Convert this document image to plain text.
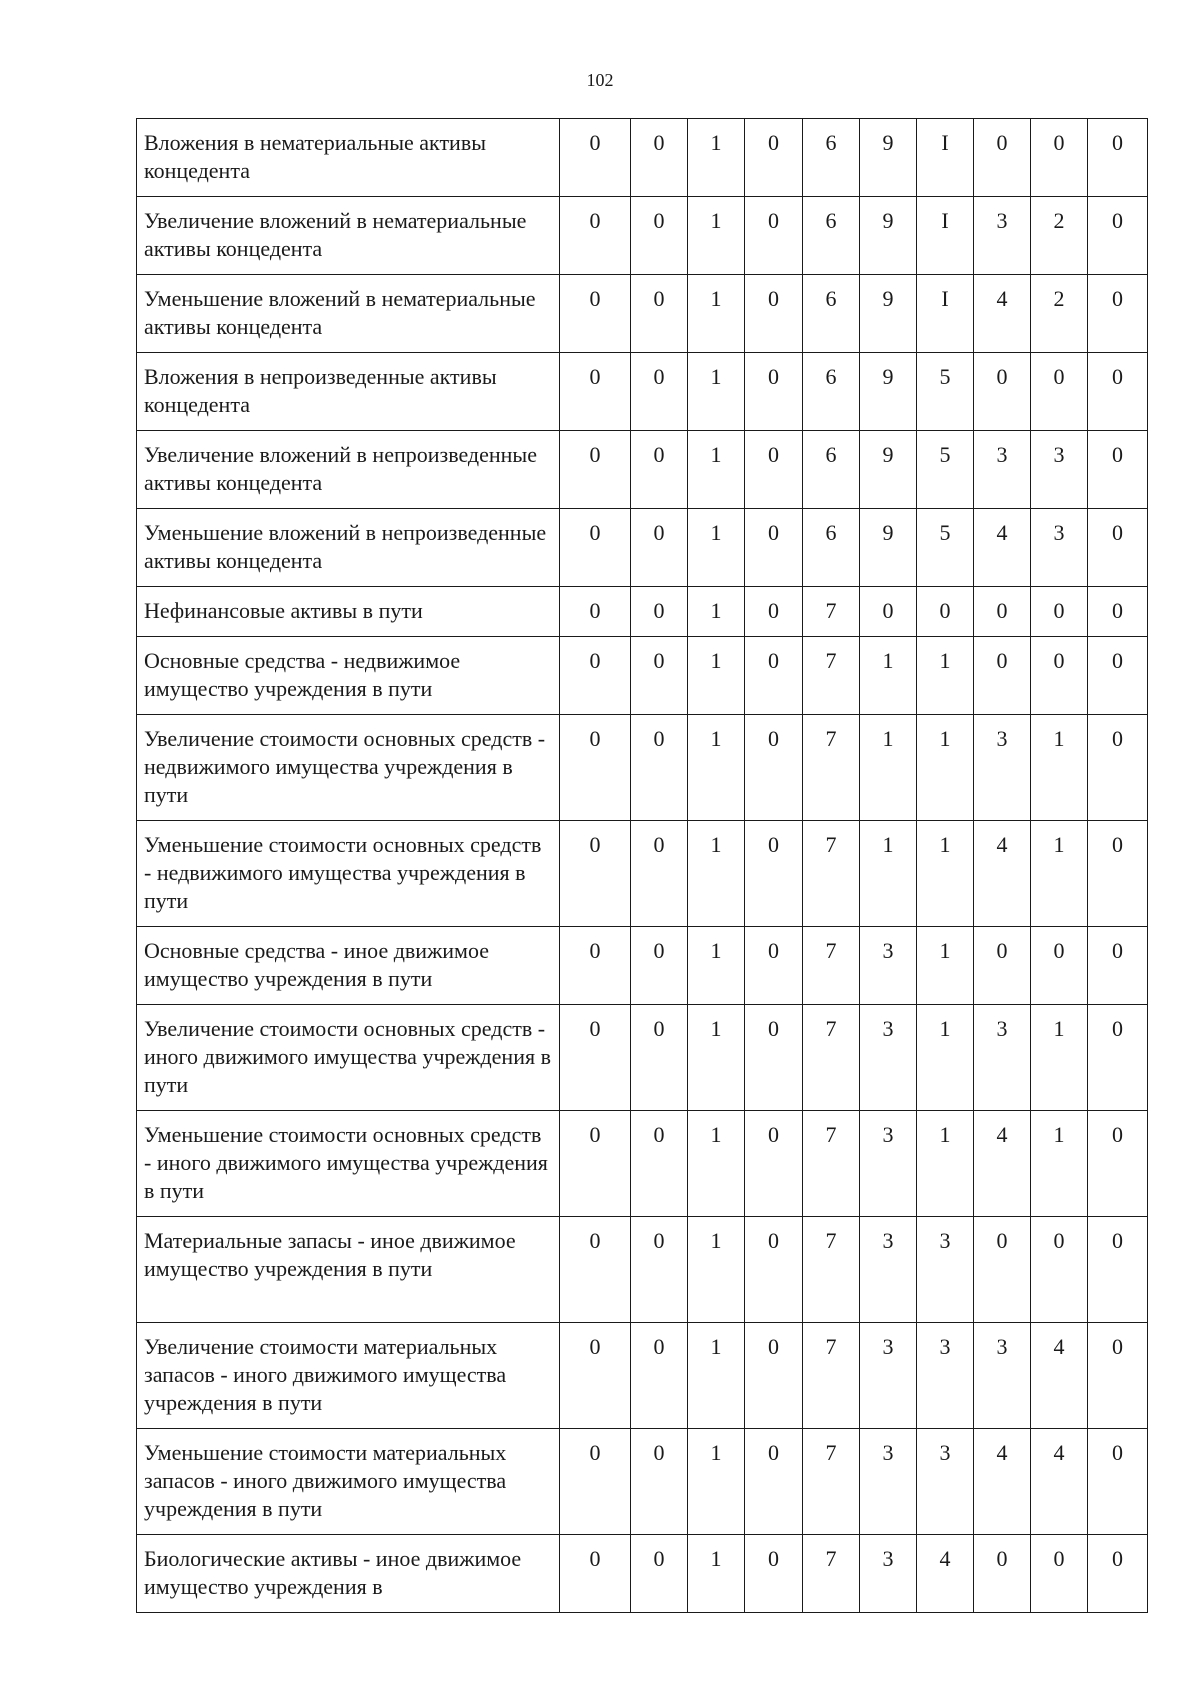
102
Вложения в нематериальные активы концедента	0	0	1	0	6	9	I	0	0	0
Увеличение вложений в нематериальные активы концедента	0	0	1	0	6	9	I	3	2	0
Уменьшение вложений в нематериальные активы концедента	0	0	1	0	6	9	I	4	2	0
Вложения в непроизведенные активы концедента	0	0	1	0	6	9	5	0	0	0
Увеличение вложений в непроизведенные активы концедента	0	0	1	0	6	9	5	3	3	0
Уменьшение вложений в непроизведенные активы концедента	0	0	1	0	6	9	5	4	3	0
Нефинансовые активы в пути	0	0	1	0	7	0	0	0	0	0
Основные средства - недвижимое имущество учреждения в пути	0	0	1	0	7	1	1	0	0	0
Увеличение стоимости основных средств - недвижимого имущества учреждения в пути	0	0	1	0	7	1	1	3	1	0
Уменьшение стоимости основных средств - недвижимого имущества учреждения в пути	0	0	1	0	7	1	1	4	1	0
Основные средства - иное движимое имущество учреждения в пути	0	0	1	0	7	3	1	0	0	0
Увеличение стоимости основных средств - иного движимого имущества учреждения в пути	0	0	1	0	7	3	1	3	1	0
Уменьшение стоимости основных средств - иного движимого имущества учреждения в пути	0	0	1	0	7	3	1	4	1	0
Материальные запасы - иное движимое имущество учреждения в пути	0	0	1	0	7	3	3	0	0	0
Увеличение стоимости материальных запасов - иного движимого имущества учреждения в пути	0	0	1	0	7	3	3	3	4	0
Уменьшение стоимости материальных запасов - иного движимого имущества учреждения в пути	0	0	1	0	7	3	3	4	4	0
Биологические активы - иное движимое имущество учреждения в	0	0	1	0	7	3	4	0	0	0
